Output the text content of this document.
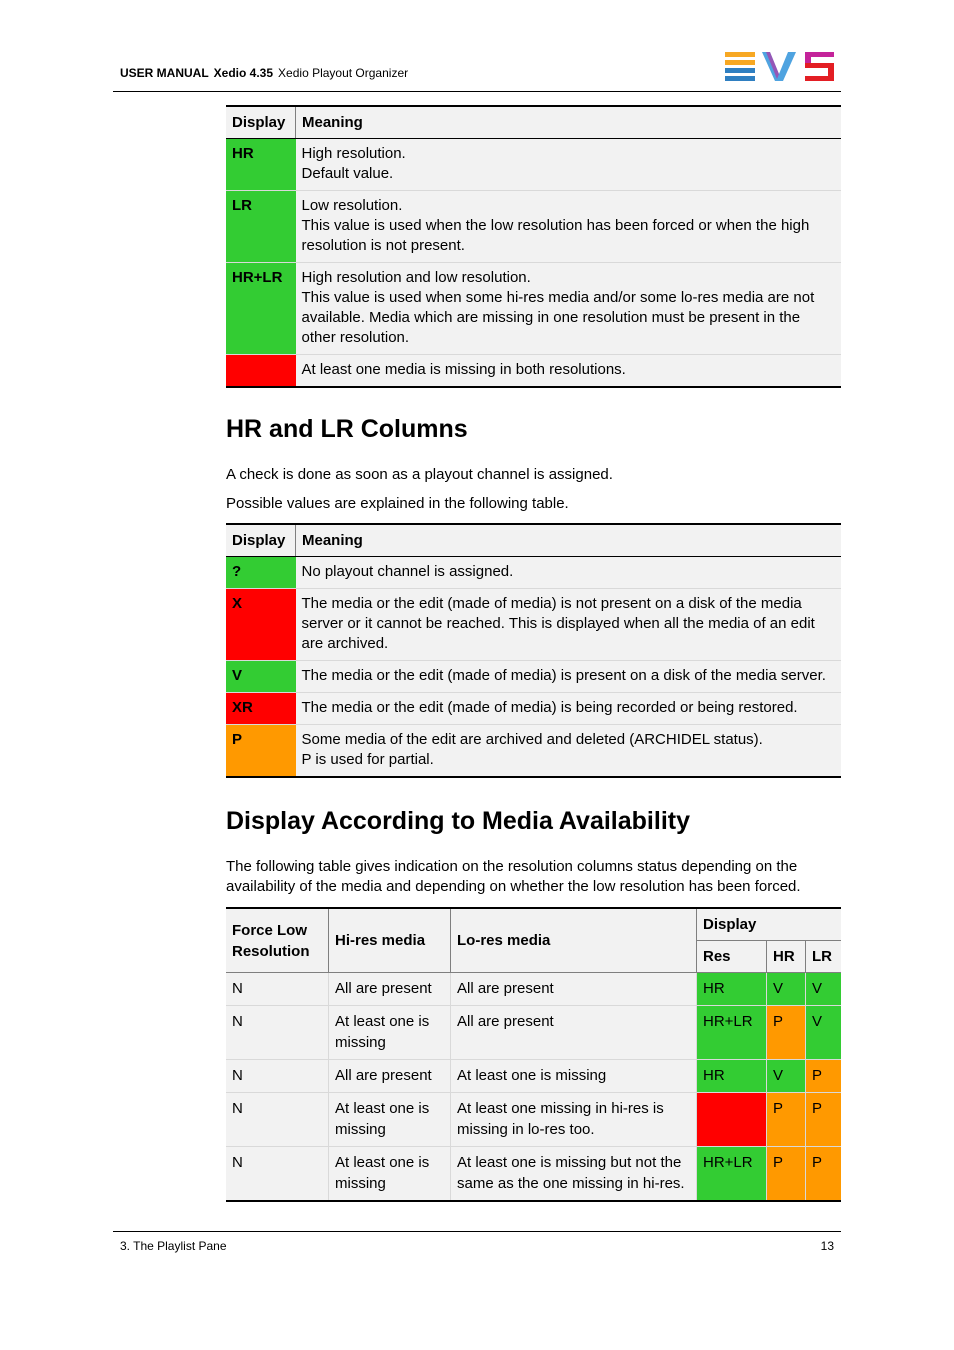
USER MANUAL Xedio 4.35 Xedio Playout Organizer
Display	Meaning
HR	High resolution.
Default value.

LR	Low resolution.
This value is used when the low resolution has been forced or when the high resolution is not present.

HR+LR	High resolution and low resolution.
This value is used when some hi-res media and/or some lo-res media are not available. Media which are missing in one resolution must be present in the other resolution.

	At least one media is missing in both resolutions.
HR and LR Columns

A check is done as soon as a playout channel is assigned.

Possible values are explained in the following table.

Display	Meaning
?	No playout channel is assigned.

X	The media or the edit (made of media) is not present on a disk of the media server or it cannot be reached. This is displayed when all the media of an edit are archived.

V	The media or the edit (made of media) is present on a disk of the media server.

XR	The media or the edit (made of media) is being recorded or being restored.

P	Some media of the edit are archived and deleted (ARCHIDEL status).
P is used for partial.
Display According to Media Availability

The following table gives indication on the resolution columns status depending on the availability of the media and depending on whether the low resolution has been forced.

Force Low Resolution	Hi-res media	Lo-res media	Display		
			Res	HR	LR
N	All are present	All are present	HR	V	V
N	At least one is missing	All are present	HR+LR	P	V
N	All are present	At least one is missing	HR	V	P
N	At least one is missing	At least one missing in hi-res is missing in lo-res too.		P	P
N	At least one is missing	At least one is missing but not the same as the one missing in hi-res.	HR+LR	P	P
3. The Playlist Pane	13
